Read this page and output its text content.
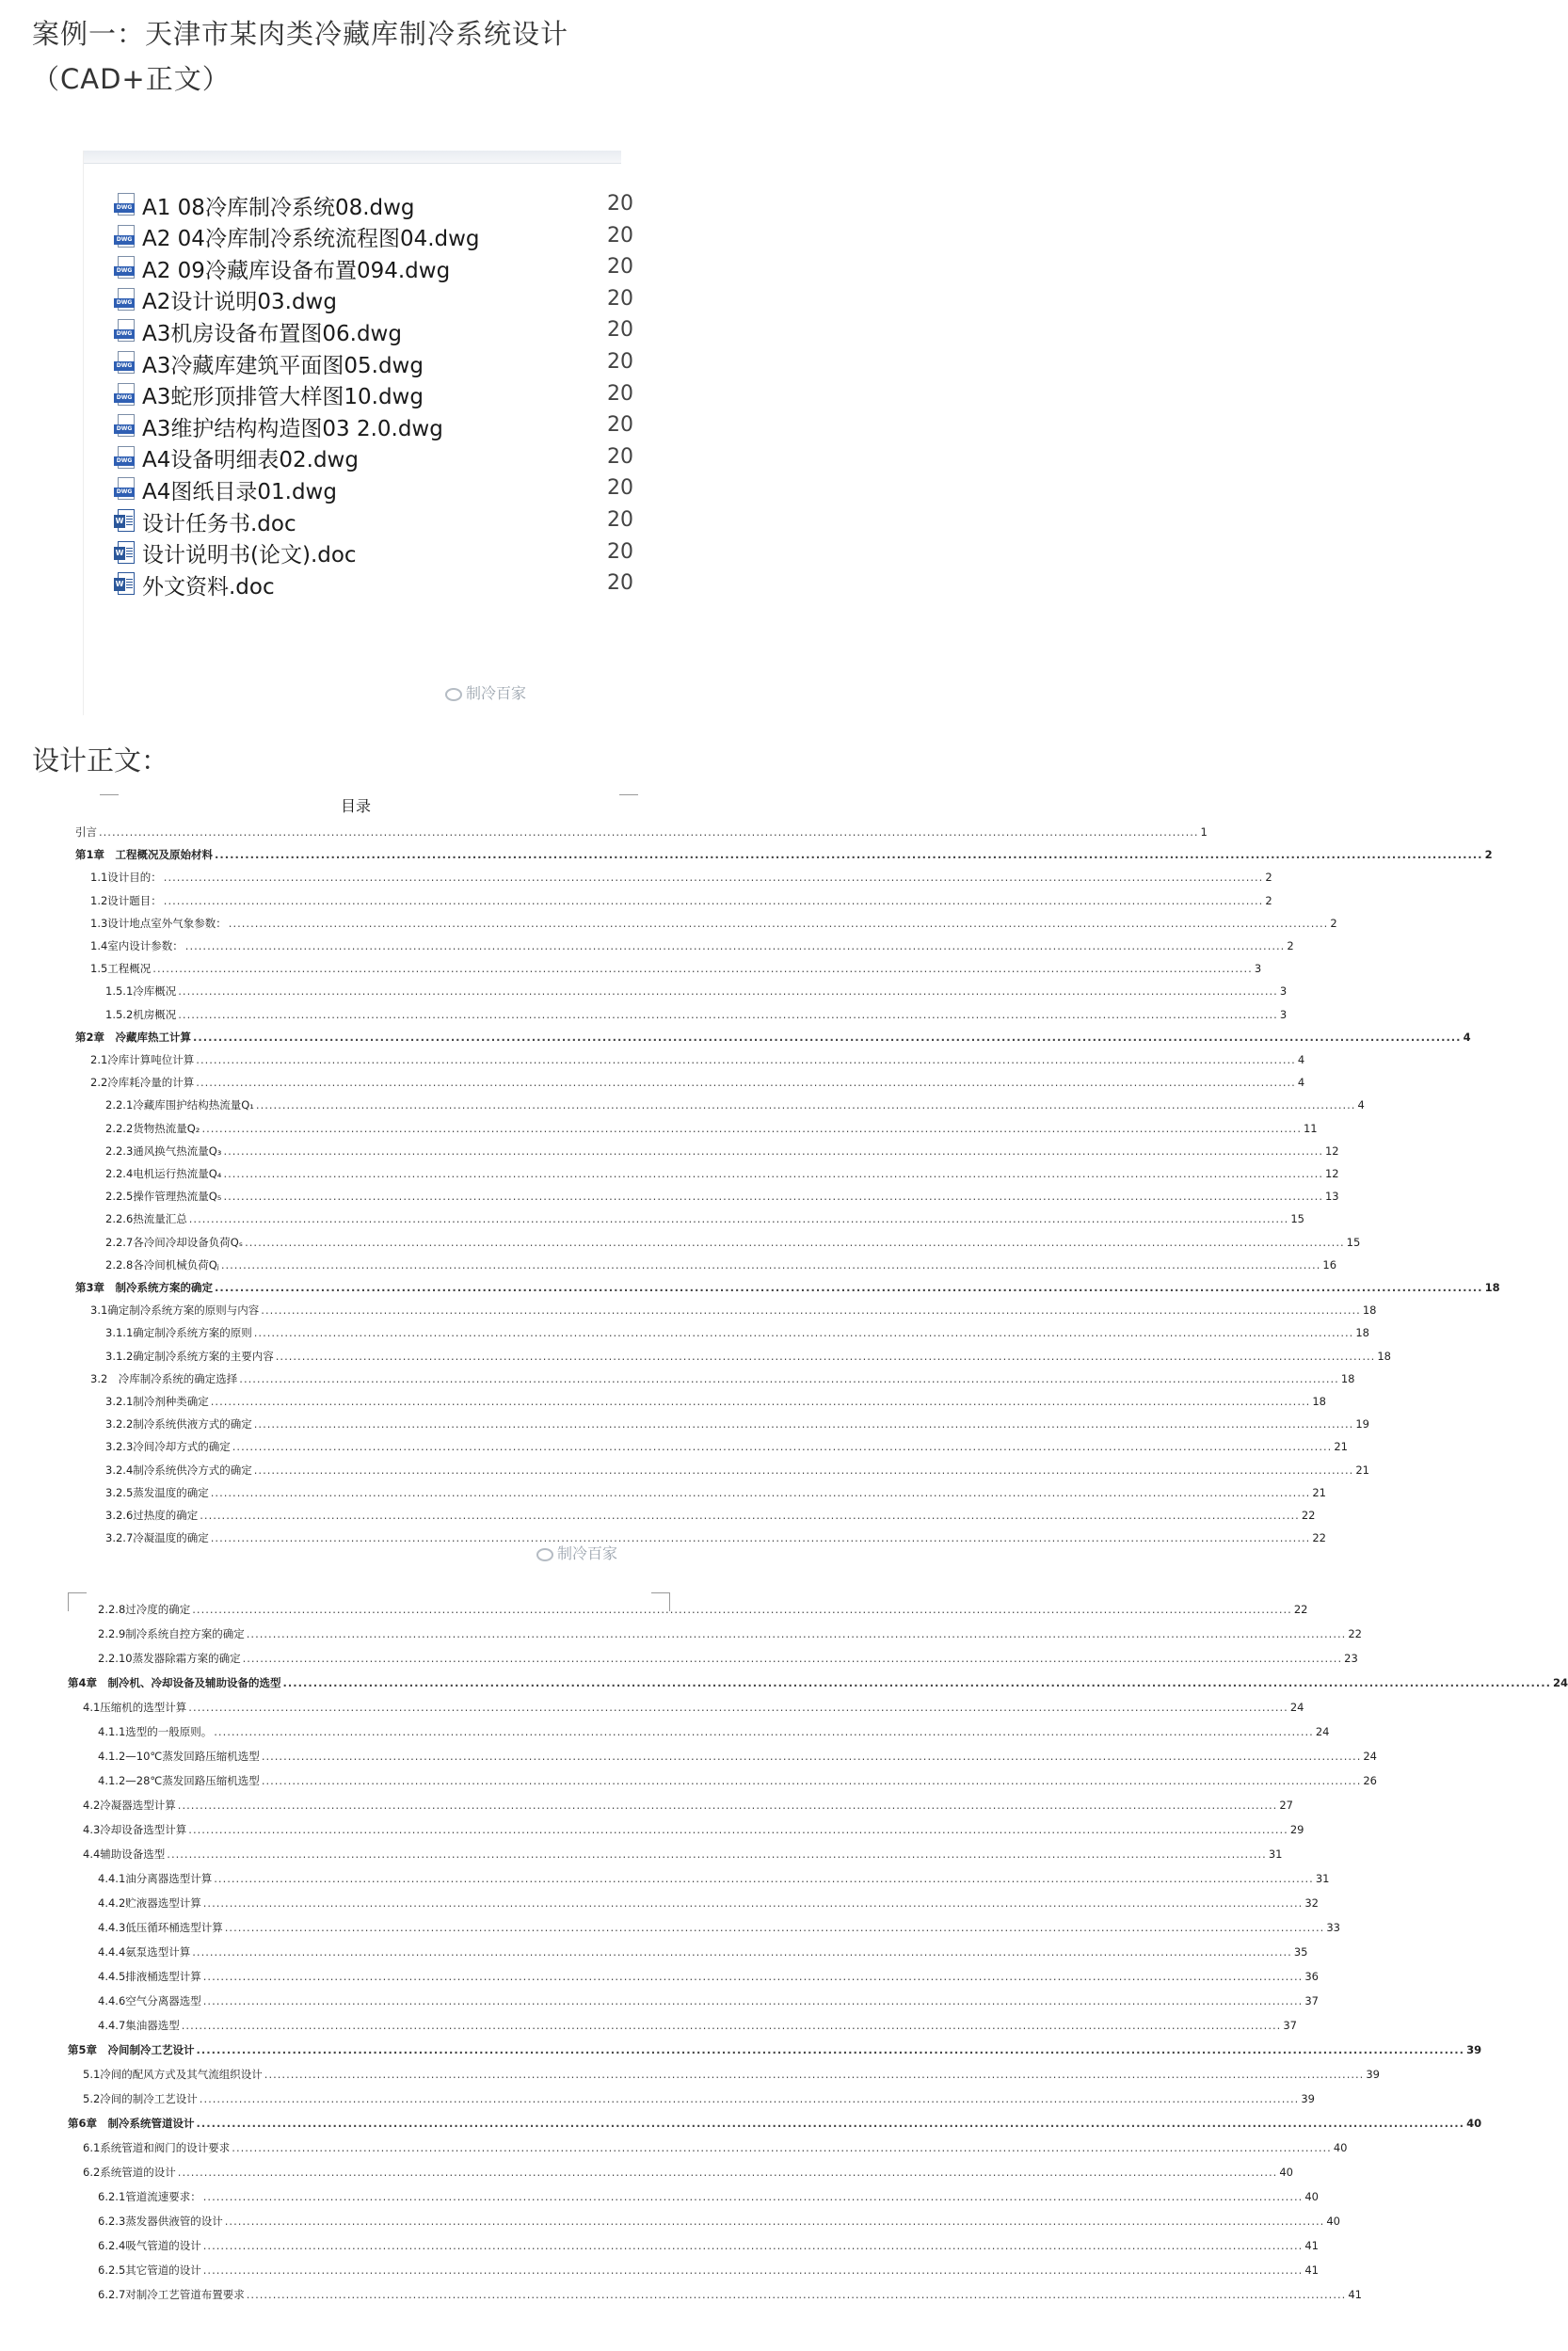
案例一：天津市某肉类冷藏库制冷系统设计（CAD+正文）
DWG A1 08冷库制冷系统08.dwg	20
DWG A2 04冷库制冷系统流程图04.dwg	20
DWG A2 09冷藏库设备布置094.dwg	20
DWG A2设计说明03.dwg	20
DWG A3机房设备布置图06.dwg	20
DWG A3冷藏库建筑平面图05.dwg	20
DWG A3蛇形顶排管大样图10.dwg	20
DWG A3维护结构构造图03 2.0.dwg	20
DWG A4设备明细表02.dwg	20
DWG A4图纸目录01.dwg	20
W 设计任务书.doc	20
W 设计说明书(论文).doc	20
W 外文资料.doc	20
制冷百家
设计正文：
目录
引言 .....	1
第1章　工程概况及原始材料 .....	2
1.1设计目的： .....	2
1.2设计题目： .....	2
1.3设计地点室外气象参数： .....	2
1.4室内设计参数： .....	2
1.5工程概况 .....	3
1.5.1冷库概况 .....	3
1.5.2机房概况 .....	3
第2章　冷藏库热工计算 .....	4
2.1冷库计算吨位计算 .....	4
2.2冷库耗冷量的计算 .....	4
2.2.1冷藏库围护结构热流量Q₁ .....	4
2.2.2货物热流量Q₂ .....	11
2.2.3通风换气热流量Q₃ .....	12
2.2.4电机运行热流量Q₄ .....	12
2.2.5操作管理热流量Q₅ .....	13
2.2.6热流量汇总 .....	15
2.2.7各冷间冷却设备负荷Qₛ .....	15
2.2.8各冷间机械负荷Qⱼ .....	16
第3章　制冷系统方案的确定 .....	18
3.1确定制冷系统方案的原则与内容 .....	18
3.1.1确定制冷系统方案的原则 .....	18
3.1.2确定制冷系统方案的主要内容 .....	18
3.2　冷库制冷系统的确定选择 .....	18
3.2.1制冷剂种类确定 .....	18
3.2.2制冷系统供液方式的确定 .....	19
3.2.3冷间冷却方式的确定 .....	21
3.2.4制冷系统供冷方式的确定 .....	21
3.2.5蒸发温度的确定 .....	21
3.2.6过热度的确定 .....	22
3.2.7冷凝温度的确定 .....	22
制冷百家
2.2.8过冷度的确定 .....	22
2.2.9制冷系统自控方案的确定 .....	22
2.2.10蒸发器除霜方案的确定 .....	23
第4章　制冷机、冷却设备及辅助设备的选型 .....	24
4.1压缩机的选型计算 .....	24
4.1.1选型的一般原则。 .....	24
4.1.2—10℃蒸发回路压缩机选型 .....	24
4.1.2—28℃蒸发回路压缩机选型 .....	26
4.2冷凝器选型计算 .....	27
4.3冷却设备选型计算 .....	29
4.4辅助设备选型 .....	31
4.4.1油分离器选型计算 .....	31
4.4.2贮液器选型计算 .....	32
4.4.3低压循环桶选型计算 .....	33
4.4.4氨泵选型计算 .....	35
4.4.5排液桶选型计算 .....	36
4.4.6空气分离器选型 .....	37
4.4.7集油器选型 .....	37
第5章　冷间制冷工艺设计 .....	39
5.1冷间的配风方式及其气流组织设计 .....	39
5.2冷间的制冷工艺设计 .....	39
第6章　制冷系统管道设计 .....	40
6.1系统管道和阀门的设计要求 .....	40
6.2系统管道的设计 .....	40
6.2.1管道流速要求： .....	40
6.2.3蒸发器供液管的设计 .....	40
6.2.4吸气管道的设计 .....	41
6.2.5其它管道的设计 .....	41
6.2.7对制冷工艺管道布置要求 .....	41
